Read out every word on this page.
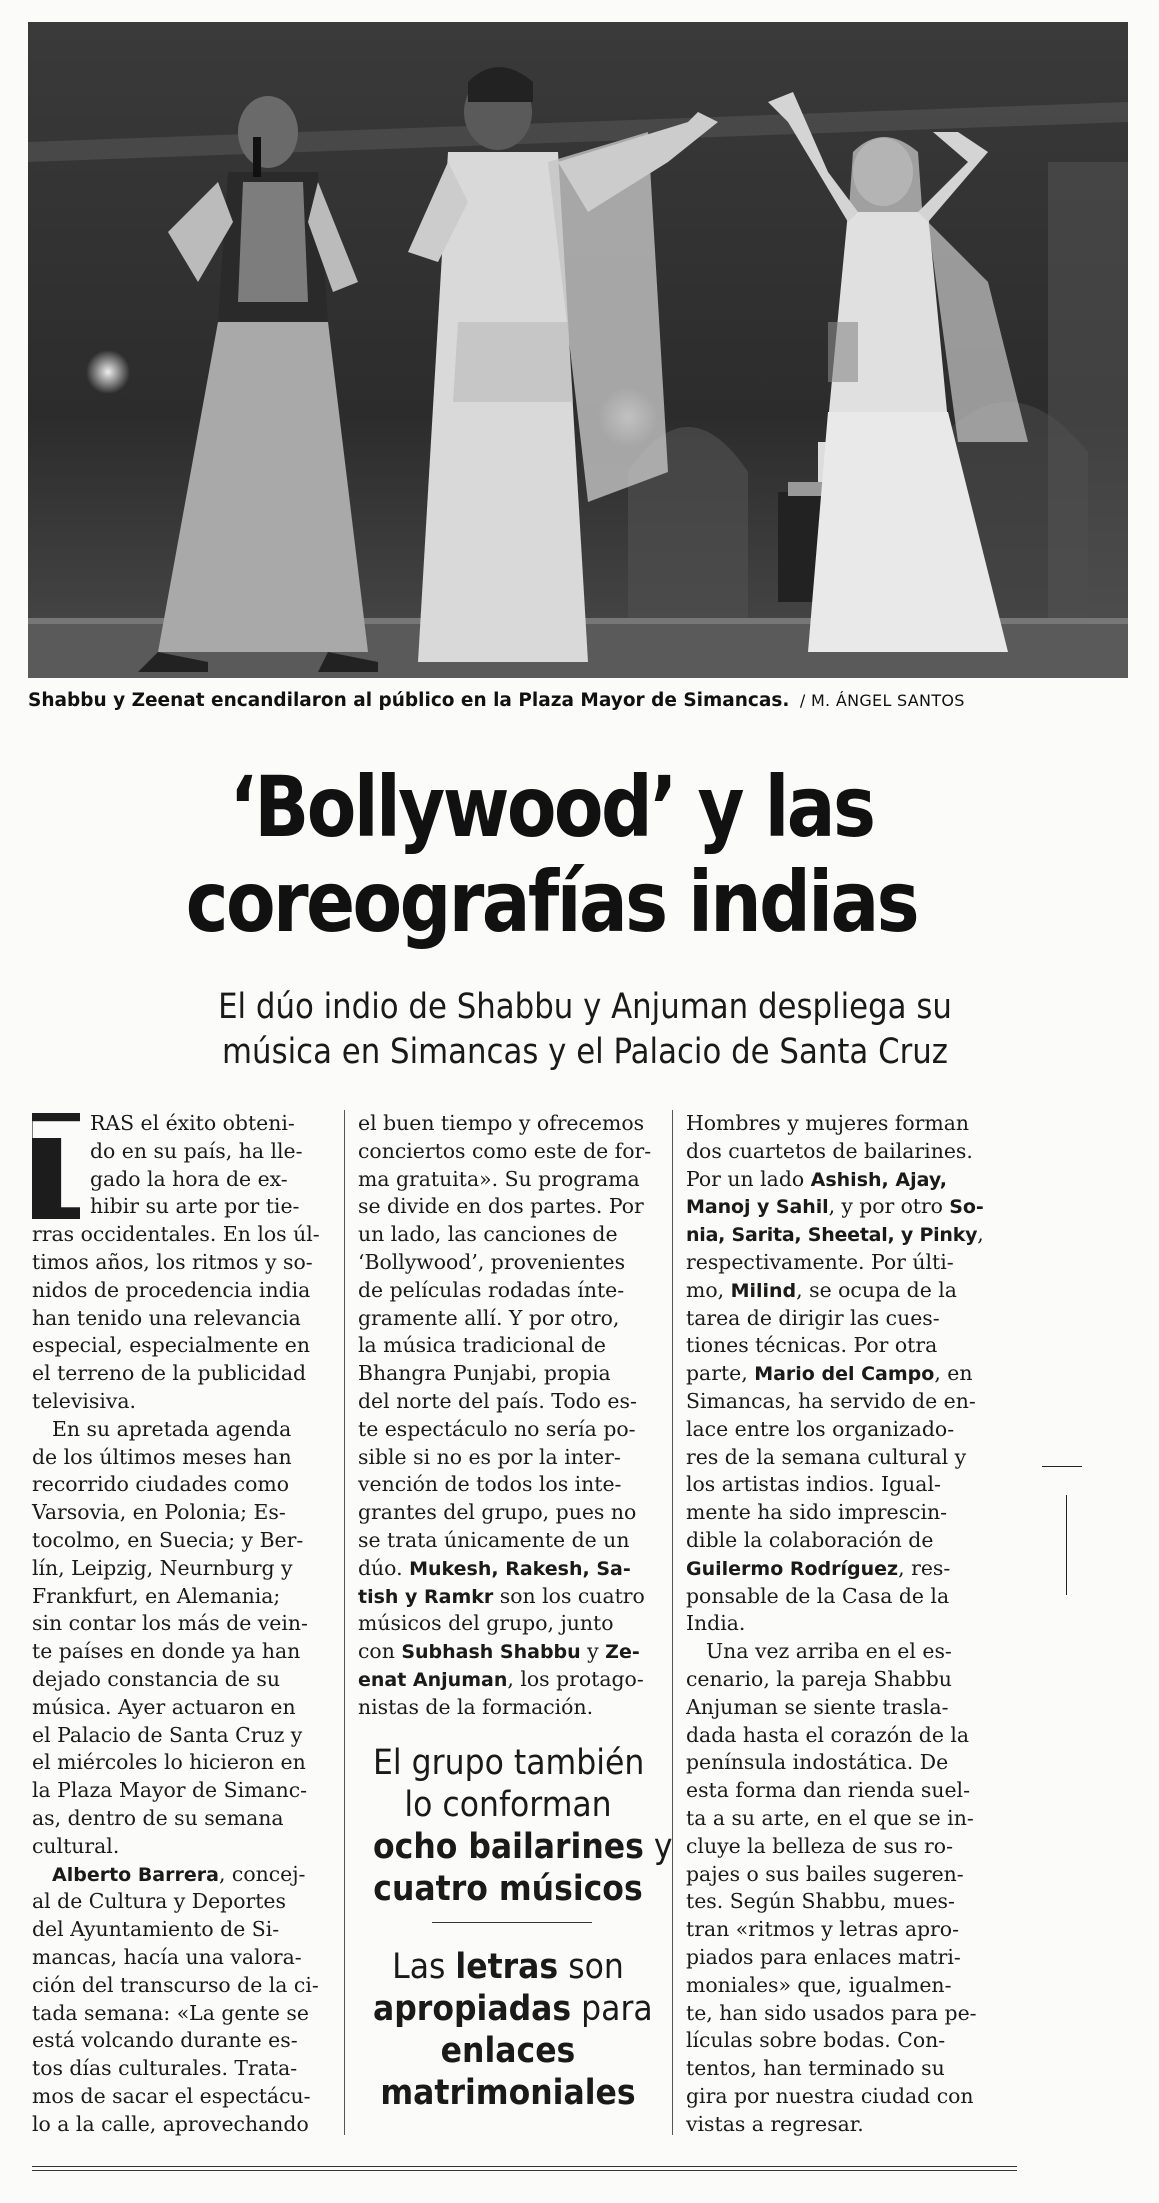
Shabbu y Zeenat encandilaron al público en la Plaza Mayor de Simancas. / M. ÁNGEL SANTOS
‘Bollywood’ y las
coreografías indias
El dúo indio de Shabbu y Anjuman despliega su
música en Simancas y el Palacio de Santa Cruz
T
RAS el éxito obteni-
do en su país, ha lle-
gado la hora de ex-
hibir su arte por tie-
rras occidentales. En los úl-
timos años, los ritmos y so-
nidos de procedencia india
han tenido una relevancia
especial, especialmente en
el terreno de la publicidad
televisiva.
En su apretada agenda
de los últimos meses han
recorrido ciudades como
Varsovia, en Polonia; Es-
tocolmo, en Suecia; y Ber-
lín, Leipzig, Neurnburg y
Frankfurt, en Alemania;
sin contar los más de vein-
te países en donde ya han
dejado constancia de su
música. Ayer actuaron en
el Palacio de Santa Cruz y
el miércoles lo hicieron en
la Plaza Mayor de Simanc-
as, dentro de su semana
cultural.
Alberto Barrera, concej-
al de Cultura y Deportes
del Ayuntamiento de Si-
mancas, hacía una valora-
ción del transcurso de la ci-
tada semana: «La gente se
está volcando durante es-
tos días culturales. Trata-
mos de sacar el espectácu-
lo a la calle, aprovechando
el buen tiempo y ofrecemos
conciertos como este de for-
ma gratuita». Su programa
se divide en dos partes. Por
un lado, las canciones de
‘Bollywood’, provenientes
de películas rodadas ínte-
gramente allí. Y por otro,
la música tradicional de
Bhangra Punjabi, propia
del norte del país. Todo es-
te espectáculo no sería po-
sible si no es por la inter-
vención de todos los inte-
grantes del grupo, pues no
se trata únicamente de un
dúo. Mukesh, Rakesh, Sa-
tish y Ramkr son los cuatro
músicos del grupo, junto
con Subhash Shabbu y Ze-
enat Anjuman, los protago-
nistas de la formación.
El grupo también
lo conforman
ocho bailarines y
cuatro músicos
Las letras son
apropiadas para
enlaces
matrimoniales
Hombres y mujeres forman
dos cuartetos de bailarines.
Por un lado Ashish, Ajay,
Manoj y Sahil, y por otro So-
nia, Sarita, Sheetal, y Pinky,
respectivamente. Por últi-
mo, Milind, se ocupa de la
tarea de dirigir las cues-
tiones técnicas. Por otra
parte, Mario del Campo, en
Simancas, ha servido de en-
lace entre los organizado-
res de la semana cultural y
los artistas indios. Igual-
mente ha sido imprescin-
dible la colaboración de
Guilermo Rodríguez, res-
ponsable de la Casa de la
India.
Una vez arriba en el es-
cenario, la pareja Shabbu
Anjuman se siente trasla-
dada hasta el corazón de la
península indostática. De
esta forma dan rienda suel-
ta a su arte, en el que se in-
cluye la belleza de sus ro-
pajes o sus bailes sugeren-
tes. Según Shabbu, mues-
tran «ritmos y letras apro-
piados para enlaces matri-
moniales» que, igualmen-
te, han sido usados para pe-
lículas sobre bodas. Con-
tentos, han terminado su
gira por nuestra ciudad con
vistas a regresar.
